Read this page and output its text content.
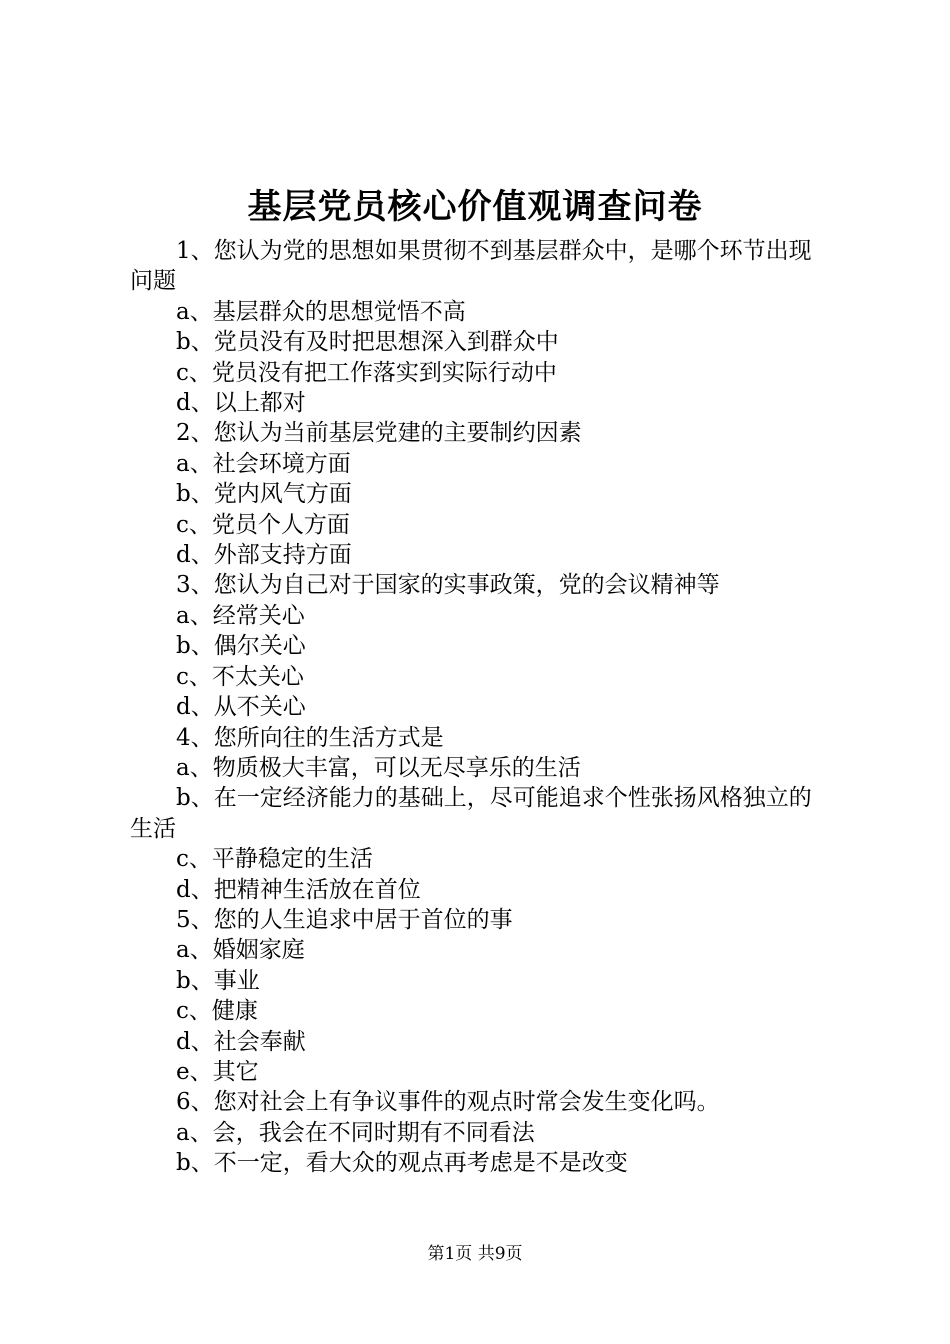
基层党员核心价值观调查问卷

1、您认为党的思想如果贯彻不到基层群众中，是哪个环节出现问题

a、基层群众的思想觉悟不高

b、党员没有及时把思想深入到群众中

c、党员没有把工作落实到实际行动中

d、以上都对

2、您认为当前基层党建的主要制约因素

a、社会环境方面

b、党内风气方面

c、党员个人方面

d、外部支持方面

3、您认为自己对于国家的实事政策，党的会议精神等

a、经常关心

b、偶尔关心

c、不太关心

d、从不关心

4、您所向往的生活方式是

a、物质极大丰富，可以无尽享乐的生活

b、在一定经济能力的基础上，尽可能追求个性张扬风格独立的生活

c、平静稳定的生活

d、把精神生活放在首位

5、您的人生追求中居于首位的事

a、婚姻家庭

b、事业

c、健康

d、社会奉献

e、其它

6、您对社会上有争议事件的观点时常会发生变化吗。

a、会，我会在不同时期有不同看法

b、不一定，看大众的观点再考虑是不是改变

第1页 共9页
